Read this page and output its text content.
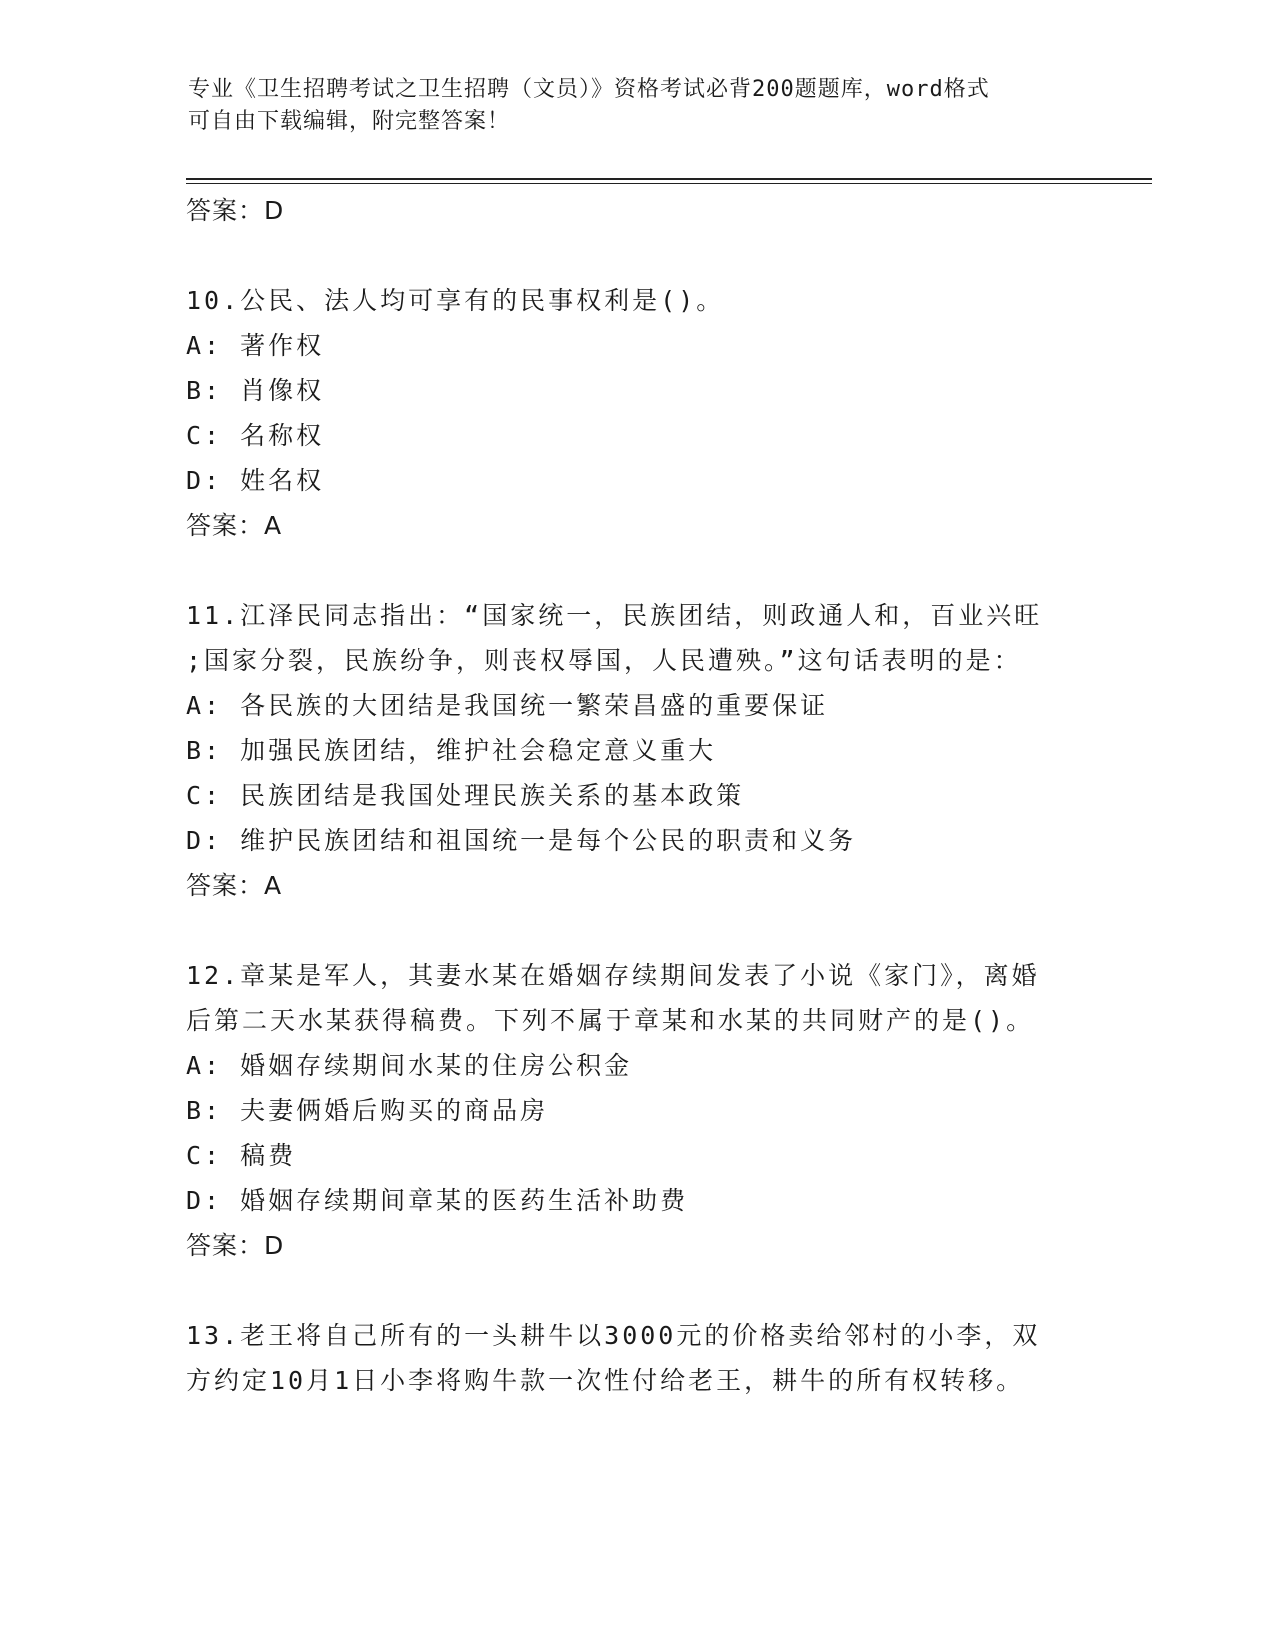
专业《卫生招聘考试之卫生招聘（文员）》资格考试必背200题题库，word格式

可自由下载编辑，附完整答案！

答案：D

10.公民、法人均可享有的民事权利是()。

A: 著作权

B: 肖像权

C: 名称权

D: 姓名权

答案：A

11.江泽民同志指出：“国家统一，民族团结，则政通人和，百业兴旺

;国家分裂，民族纷争，则丧权辱国，人民遭殃。”这句话表明的是：

A: 各民族的大团结是我国统一繁荣昌盛的重要保证

B: 加强民族团结，维护社会稳定意义重大

C: 民族团结是我国处理民族关系的基本政策

D: 维护民族团结和祖国统一是每个公民的职责和义务

答案：A

12.章某是军人，其妻水某在婚姻存续期间发表了小说《家门》，离婚

后第二天水某获得稿费。下列不属于章某和水某的共同财产的是()。

A: 婚姻存续期间水某的住房公积金

B: 夫妻俩婚后购买的商品房

C: 稿费

D: 婚姻存续期间章某的医药生活补助费

答案：D

13.老王将自己所有的一头耕牛以3000元的价格卖给邻村的小李，双

方约定10月1日小李将购牛款一次性付给老王，耕牛的所有权转移。
